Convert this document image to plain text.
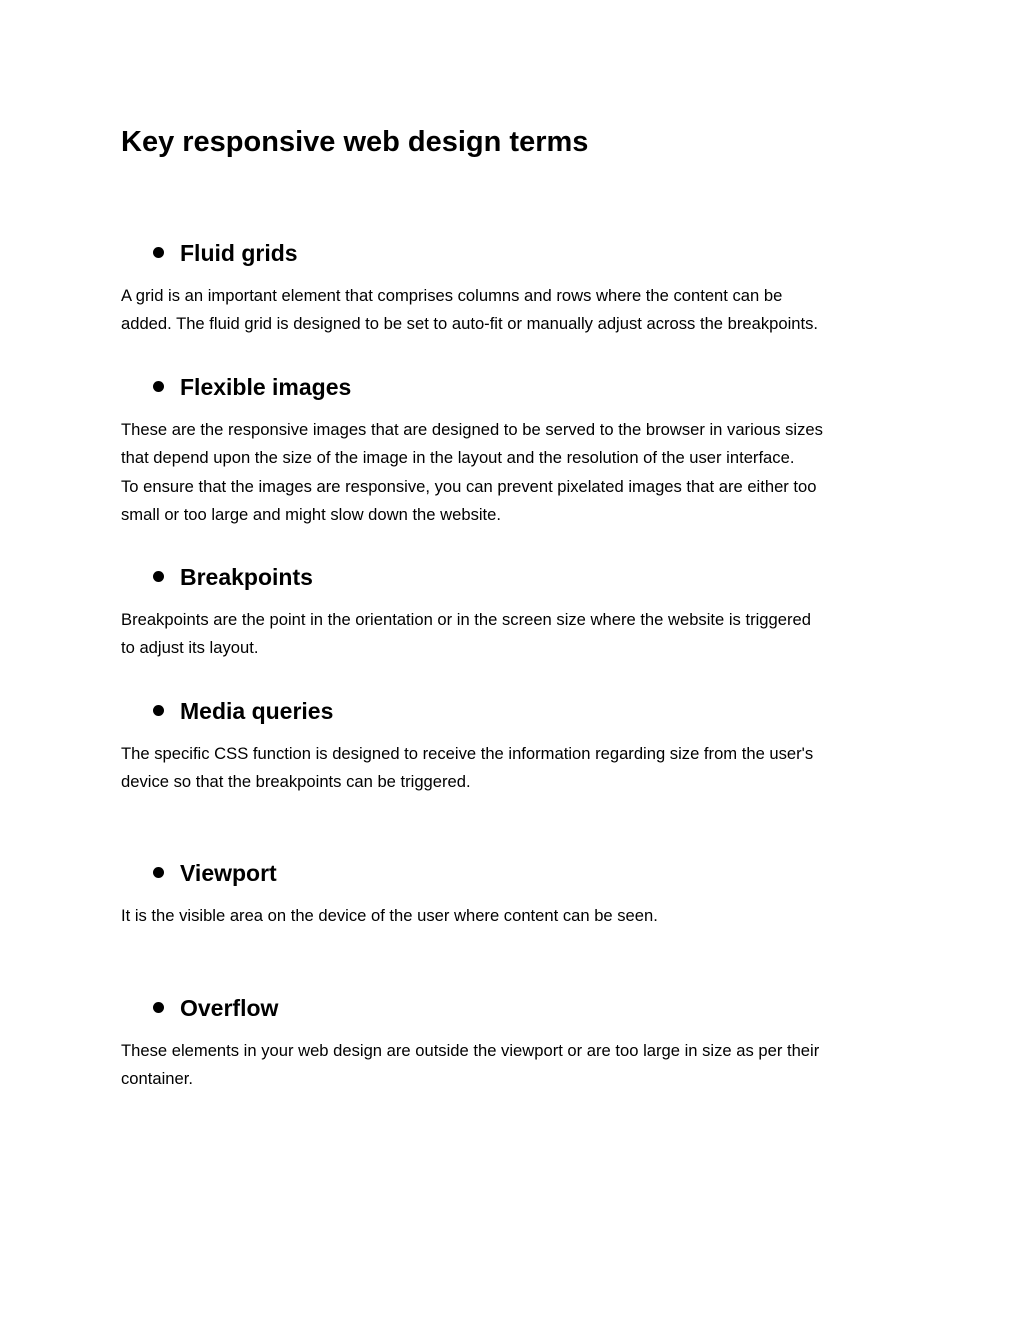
Key responsive web design terms
Fluid grids

A grid is an important element that comprises columns and rows where the content can be
added. The fluid grid is designed to be set to auto-fit or manually adjust across the breakpoints.

Flexible images

These are the responsive images that are designed to be served to the browser in various sizes
that depend upon the size of the image in the layout and the resolution of the user interface.
To ensure that the images are responsive, you can prevent pixelated images that are either too
small or too large and might slow down the website.

Breakpoints

Breakpoints are the point in the orientation or in the screen size where the website is triggered
to adjust its layout.

Media queries

The specific CSS function is designed to receive the information regarding size from the user's
device so that the breakpoints can be triggered.

Viewport

It is the visible area on the device of the user where content can be seen.

Overflow

These elements in your web design are outside the viewport or are too large in size as per their
container.
